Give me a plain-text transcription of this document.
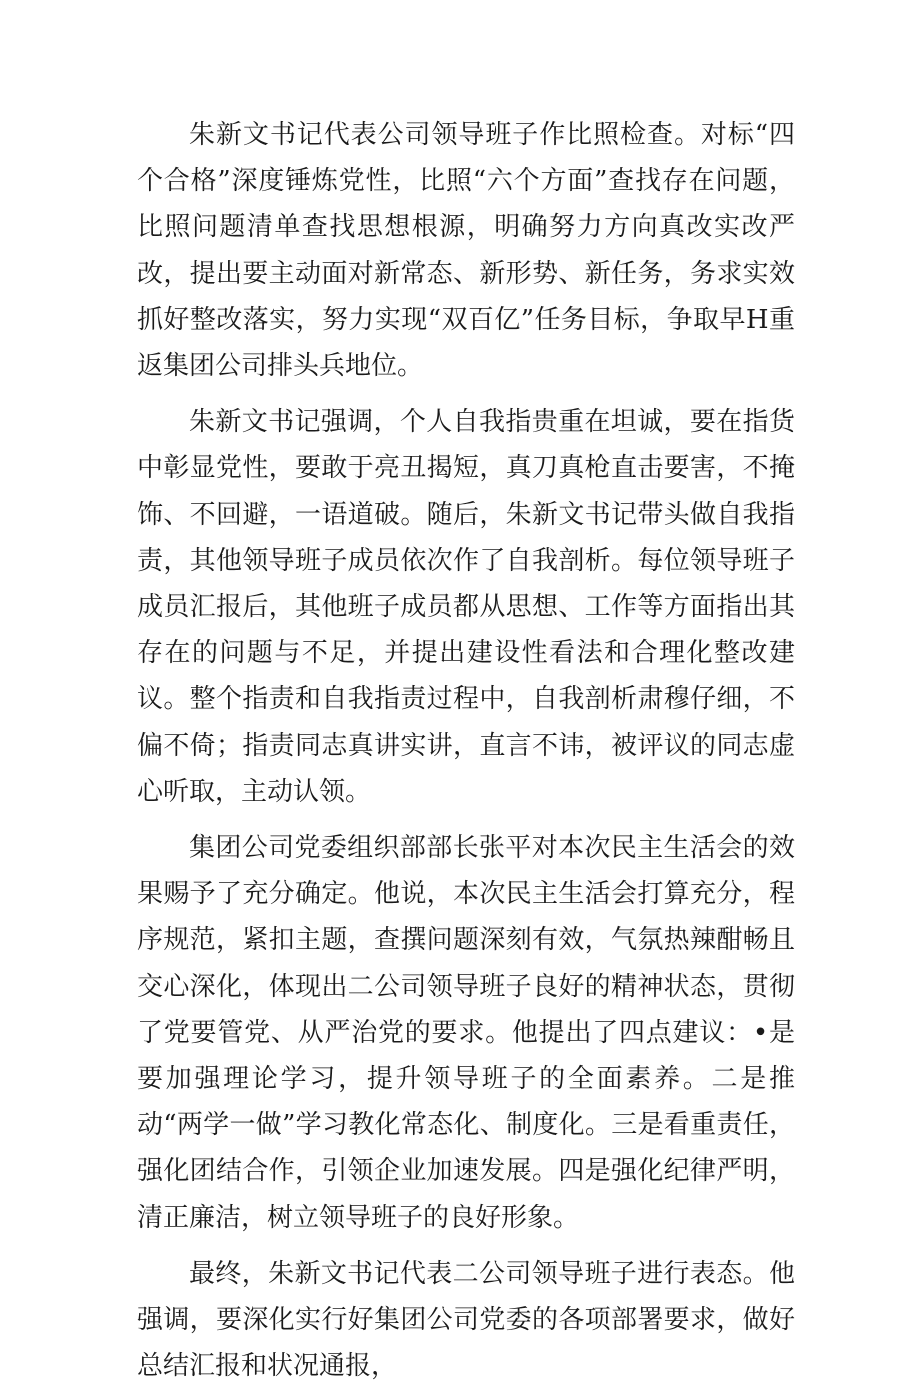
朱新文书记代表公司领导班子作比照检查。对标“四个合格”深度锤炼党性，比照“六个方面”查找存在问题，比照问题清单查找思想根源，明确努力方向真改实改严改，提出要主动面对新常态、新形势、新任务，务求实效抓好整改落实，努力实现“双百亿”任务目标，争取早H重返集团公司排头兵地位。

朱新文书记强调，个人自我指贵重在坦诚，要在指货中彰显党性，要敢于亮丑揭短，真刀真枪直击要害，不掩饰、不回避，一语道破。随后，朱新文书记带头做自我指责，其他领导班子成员依次作了自我剖析。每位领导班子成员汇报后，其他班子成员都从思想、工作等方面指出其存在的问题与不足，并提出建设性看法和合理化整改建议。整个指责和自我指责过程中，自我剖析肃穆仔细，不偏不倚；指责同志真讲实讲，直言不讳，被评议的同志虚心听取，主动认领。

集团公司党委组织部部长张平对本次民主生活会的效果赐予了充分确定。他说，本次民主生活会打算充分，程序规范，紧扣主题，查撰问题深刻有效，气氛热辣酣畅且交心深化，体现出二公司领导班子良好的精神状态，贯彻了党要管党、从严治党的要求。他提出了四点建议：•是要加强理论学习，提升领导班子的全面素养。二是推动“两学一做”学习教化常态化、制度化。三是看重责任，强化团结合作，引领企业加速发展。四是强化纪律严明，清正廉洁，树立领导班子的良好形象。

最终，朱新文书记代表二公司领导班子进行表态。他强调，要深化实行好集团公司党委的各项部署要求，做好总结汇报和状况通报，
